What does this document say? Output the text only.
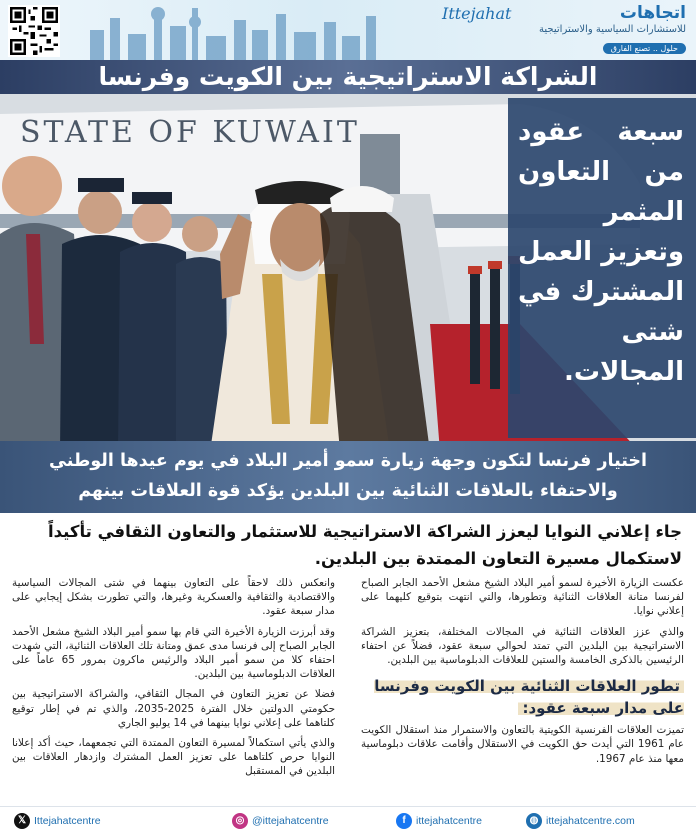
Ittejahat	اتجاهات
للاستشارات السياسية والاستراتيجية
حلول .. تصنع الفارق
الشراكة الاستراتيجية بين الكويت وفرنسا
STATE OF KUWAIT	سبعة عقود من التعاون المثمر وتعزيز العمل المشترك في شتى المجالات.

اختيار فرنسا لتكون وجهة زيارة سمو أمير البلاد في يوم عيدها الوطني والاحتفاء بالعلاقات الثنائية بين البلدين يؤكد قوة العلاقات بينهم

جاء إعلاني النوايا ليعزز الشراكة الاستراتيجية للاستثمار والتعاون الثقافي تأكيداً لاستكمال مسيرة التعاون الممتدة بين البلدين.

عكست الزيارة الأخيرة لسمو أمير البلاد الشيخ مشعل الأحمد الجابر الصباح لفرنسا متانة العلاقات الثنائية وتطورها، والتي انتهت بتوقيع كليهما على إعلاني نوايا.

والذي عزز العلاقات الثنائية في المجالات المختلفة، بتعزيز الشراكة الاستراتيجية بين البلدين التي تمتد لحوالي سبعة عقود، فضلاً عن احتفاء الرئيسين بالذكرى الخامسة والستين للعلاقات الدبلوماسية بين البلدين.

تطور العلاقات الثنائية بين الكويت وفرنسا على مدار سبعة عقود:

تميزت العلاقات الفرنسية الكويتية بالتعاون والاستمرار منذ استقلال الكويت عام 1961 التي أيدت حق الكويت في الاستقلال وأقامت علاقات دبلوماسية معها منذ عام 1967.

وانعكس ذلك لاحقاً على التعاون بينهما في شتى المجالات السياسية والاقتصادية والثقافية والعسكرية وغيرها، والتي تطورت بشكل إيجابي على مدار سبعة عقود.

وقد أبرزت الزيارة الأخيرة التي قام بها سمو أمير البلاد الشيخ مشعل الأحمد الجابر الصباح إلى فرنسا مدى عمق ومتانة تلك العلاقات الثنائية، التي شهدت احتفاء كلا من سمو أمير البلاد والرئيس ماكرون بمرور 65 عاماً على العلاقات الدبلوماسية بين البلدين.

فضلا عن تعزيز التعاون في المجال الثقافي، والشراكة الاستراتيجية بين حكومتي الدولتين خلال الفترة 2025-2035، والذي تم في إطار توقيع كلتاهما على إعلاني نوايا بينهما في 14 يوليو الجاري

والذي يأتي استكمالاً لمسيرة التعاون الممتدة التي تجمعهما، حيث أكد إعلانا النوايا حرص كلتاهما على تعزيز العمل المشترك وازدهار العلاقات بين البلدين في المستقبل

𝕏 Ittejahatcentre	◎ @ittejahatcentre	f ittejahatcentre	◍ ittejahatcentre.com
